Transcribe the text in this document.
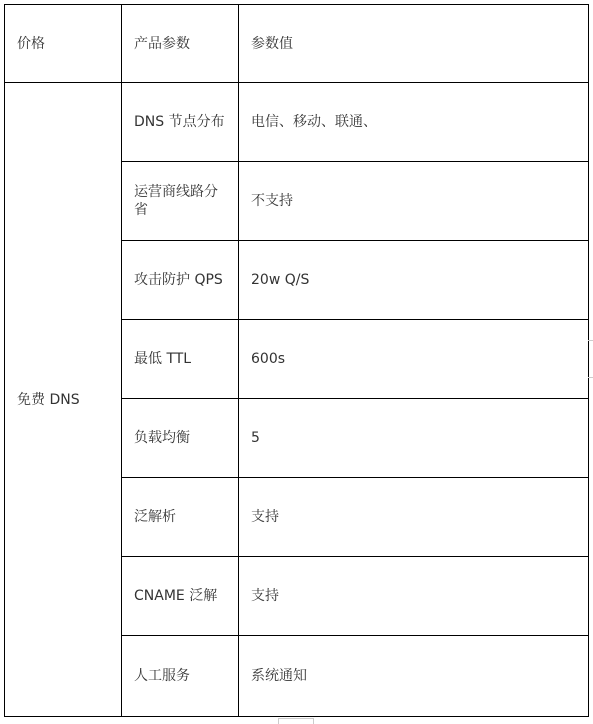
价格	产品参数	参数值
免费 DNS	DNS 节点分布	电信、移动、联通、
	运营商线路分省	不支持
	攻击防护 QPS	20w Q/S
	最低 TTL	600s
	负载均衡	5
	泛解析	支持
	CNAME 泛解	支持
	人工服务	系统通知
